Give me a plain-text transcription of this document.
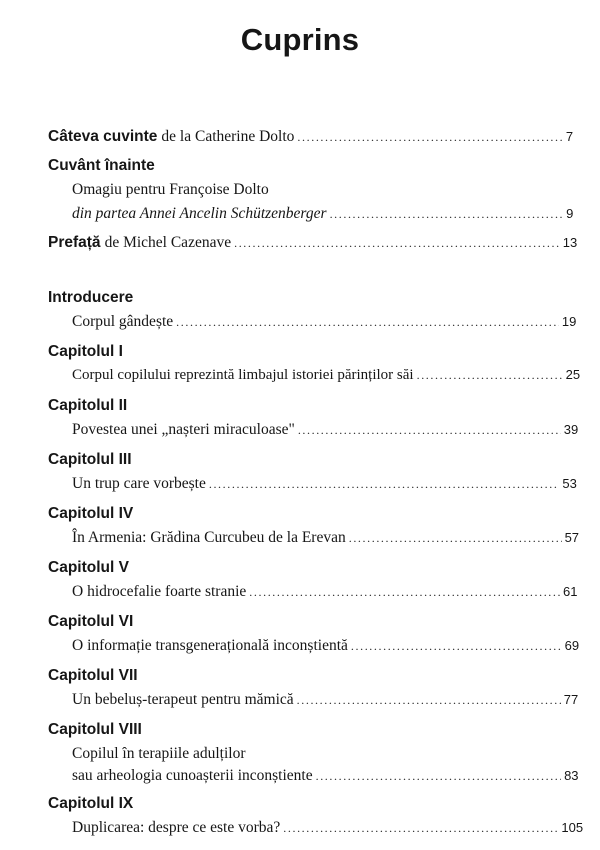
Cuprins
Câteva cuvinte de la Catherine Dolto .....	7
Cuvânt înainte
Omagiu pentru Françoise Dolto
din partea Annei Ancelin Schützenberger .....	9
Prefață de Michel Cazenave .....	13
Introducere
Corpul gândește .....	19
Capitolul I
Corpul copilului reprezintă limbajul istoriei părinților săi .....	25
Capitolul II
Povestea unei „nașteri miraculoase" .....	39
Capitolul III
Un trup care vorbește .....	53
Capitolul IV
În Armenia: Grădina Curcubeu de la Erevan .....	57
Capitolul V
O hidrocefalie foarte stranie .....	61
Capitolul VI
O informație transgenerațională inconștientă .....	69
Capitolul VII
Un bebeluș-terapeut pentru mămică .....	77
Capitolul VIII
Copilul în terapiile adulților
sau arheologia cunoașterii inconștiente .....	83
Capitolul IX
Duplicarea: despre ce este vorba? .....	105
